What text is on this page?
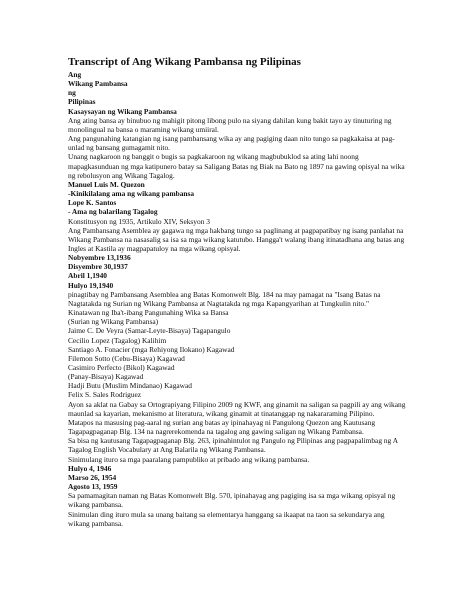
Transcript of Ang Wikang Pambansa ng Pilipinas
Ang
Wikang Pambansa
ng
Pilipinas
Kasaysayan ng Wikang Pambansa
Ang ating bansa ay binubuo ng mahigit pitong libong pulo na siyang dahilan kung bakit tayo ay tinuturing ng monolingual na bansa o maraming wikang umiiral.
Ang pangunahing katangian ng isang pambansang wika ay ang pagiging daan nito tungo sa pagkakaisa at pag-unlad ng bansang gumagamit nito.
Unang nagkaroon ng banggit o bugis sa pagkakaroon ng wikang magbubuklod sa ating lahi noong mapagkasunduan ng mga katipunero batay sa Saligang Batas ng Biak na Bato ng 1897 na gawing opisyal na wika ng rebolusyon ang Wikang Tagalog.
Manuel Luis M. Quezon
-Kinikilalang ama ng wikang pambansa
Lope K. Santos
- Ama ng balarilang Tagalog
Konstitusyon ng 1935, Artikulo XIV, Seksyon 3
Ang Pambansang Asemblea ay gagawa ng mga hakbang tungo sa paglinang at pagpapatibay ng isang panlahat na Wikang Pambansa na nasasalig sa isa sa mga wikang katutubo. Hangga't walang ibang itinatadhana ang batas ang Ingles at Kastila ay magpapatuloy na mga wikang opisyal.
Nobyembre 13,1936
Disyembre 30,1937
Abril 1,1940
Hulyo 19,1940
pinagtibay ng Pambansang Asemblea ang Batas Komonwelt Blg. 184 na may pamagat na "Isang Batas na Nagtatakda ng Surian ng Wikang Pambansa at Nagtatakda ng mga Kapangyarihan at Tungkulin nito."
Kinatawan ng Iba't-ibang Pangunahing Wika sa Bansa
(Surian ng Wikang Pambansa)
Jaime C. De Veyra (Samar-Leyte-Bisaya) Tagapangulo
Cecilio Lopez (Tagalog) Kalihim
Santiago A. Fonacier (mga Rehiyong Ilokano) Kagawad
Filemon Sotto (Cebu-Bisaya) Kagawad
Casimiro Perfecto (Bikol) Kagawad
(Panay-Bisaya) Kagawad
Hadji Butu (Muslim Mindanao) Kagawad
Felix S. Sales Rodriguez
Ayon sa aklat na Gabay sa Ortograpiyang Filipino 2009 ng KWF, ang ginamit na saligan sa pagpili ay ang wikang maunlad sa kayarian, mekanismo at literatura, wikang ginamit at tinatanggap ng nakararaming Pilipino.
Matapos na masusing pag-aaral ng surian ang batas ay ipinahayag ni Pangulong Quezon ang Kautusang Tagapagpaganap Blg. 134 na nagrerekomenda na tagalog ang gawing saligan ng Wikang Pambansa.
Sa bisa ng kautusang Tagapagpaganap Blg. 263, ipinahintulot ng Pangulo ng Pilipinas ang pagpapalimbag ng A Tagalog English Vocabulary at Ang Balarila ng Wikang Pambansa.
Sinimulang ituro sa mga paaralang pampubliko at pribado ang wikang pambansa.
Hulyo 4, 1946
Marso 26, 1954
Agosto 13, 1959
Sa pamamagitan naman ng Batas Komonwelt Blg. 570, ipinahayag ang pagiging isa sa mga wikang opisyal ng wikang pambansa.
Sinimulan ding ituro mula sa unang baitang sa elementarya hanggang sa ikaapat na taon sa sekundarya ang wikang pambansa.
